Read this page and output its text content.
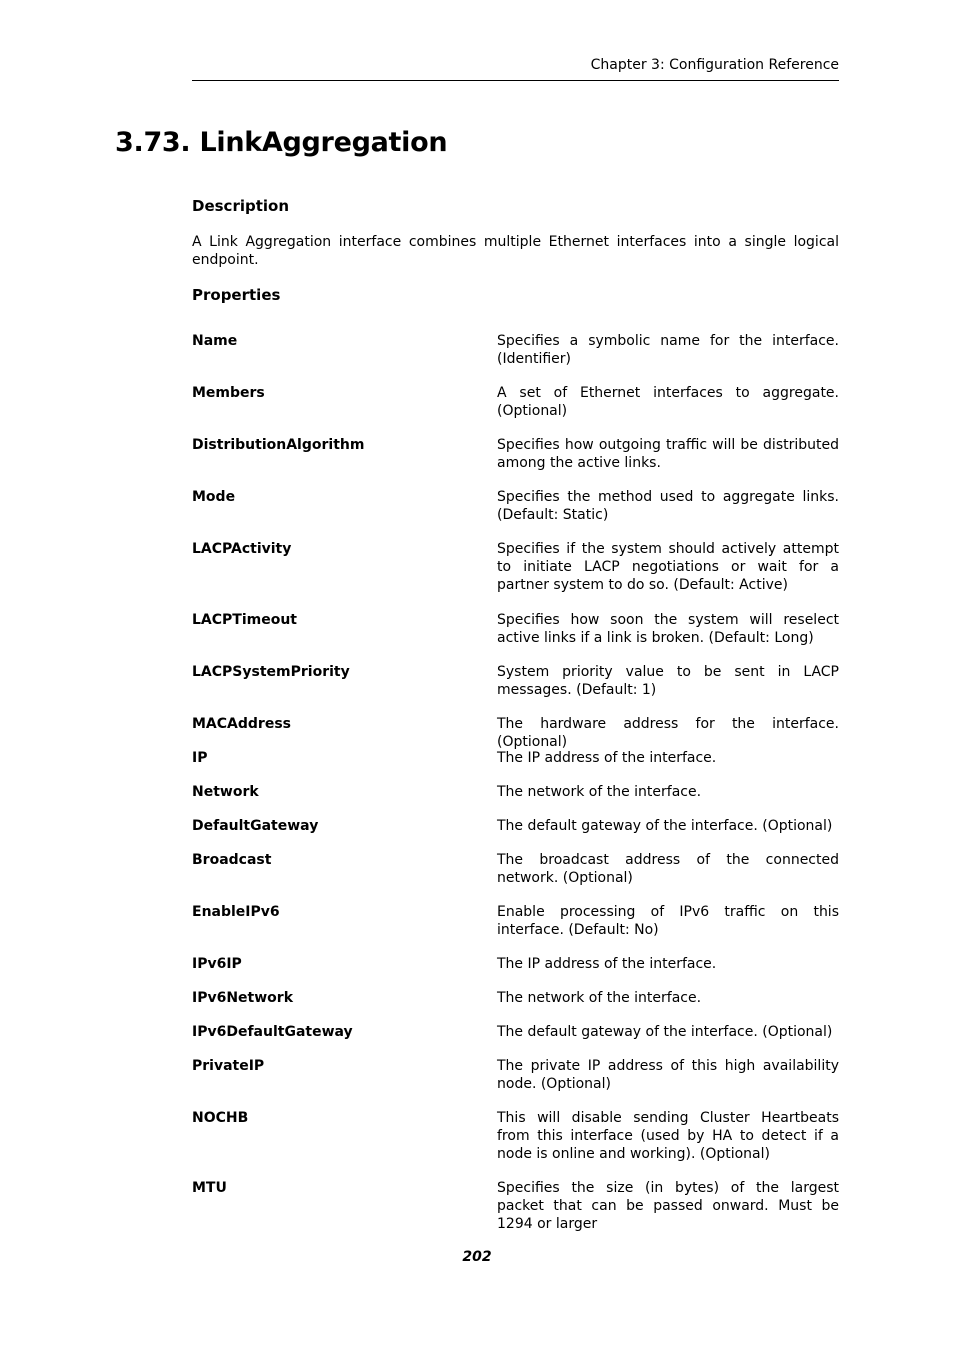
Chapter 3: Configuration Reference
3.73. LinkAggregation
Description
A Link Aggregation interface combines multiple Ethernet interfaces into a single logical endpoint.
Properties
Name	Specifies a symbolic name for the interface. (Identifier)
Members	A set of Ethernet interfaces to aggregate. (Optional)
DistributionAlgorithm	Specifies how outgoing traffic will be distributed among the active links.
Mode	Specifies the method used to aggregate links. (Default: Static)
LACPActivity	Specifies if the system should actively attempt to initiate LACP negotiations or wait for a partner system to do so. (Default: Active)
LACPTimeout	Specifies how soon the system will reselect active links if a link is broken. (Default: Long)
LACPSystemPriority	System priority value to be sent in LACP messages. (Default: 1)
MACAddress	The hardware address for the interface. (Optional)
IP	The IP address of the interface.
Network	The network of the interface.
DefaultGateway	The default gateway of the interface. (Optional)
Broadcast	The broadcast address of the connected network. (Optional)
EnableIPv6	Enable processing of IPv6 traffic on this interface. (Default: No)
IPv6IP	The IP address of the interface.
IPv6Network	The network of the interface.
IPv6DefaultGateway	The default gateway of the interface. (Optional)
PrivateIP	The private IP address of this high availability node. (Optional)
NOCHB	This will disable sending Cluster Heartbeats from this interface (used by HA to detect if a node is online and working). (Optional)
MTU	Specifies the size (in bytes) of the largest packet that can be passed onward. Must be 1294 or larger
202
